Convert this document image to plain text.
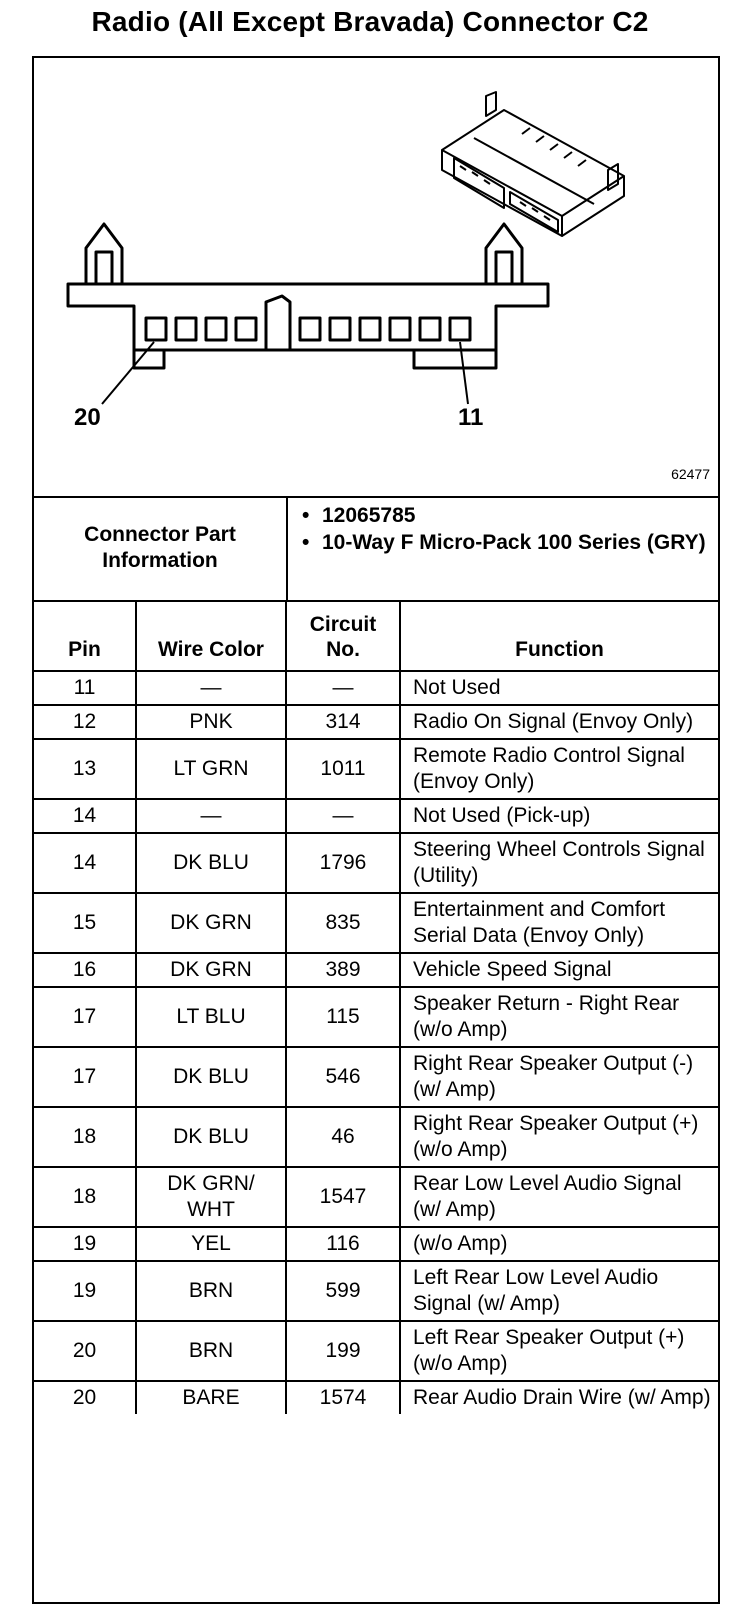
Radio (All Except Bravada) Connector C2
20	11
62477
Connector Part Information
• 12065785
• 10-Way F Micro-Pack 100 Series (GRY)
Pin	Wire Color	Circuit No.	Function
11	—	—	Not Used
12	PNK	314	Radio On Signal (Envoy Only)
13	LT GRN	1011	Remote Radio Control Signal (Envoy Only)
14	—	—	Not Used (Pick-up)
14	DK BLU	1796	Steering Wheel Controls Signal (Utility)
15	DK GRN	835	Entertainment and Comfort Serial Data (Envoy Only)
16	DK GRN	389	Vehicle Speed Signal
17	LT BLU	115	Speaker Return - Right Rear (w/o Amp)
17	DK BLU	546	Right Rear Speaker Output (-) (w/ Amp)
18	DK BLU	46	Right Rear Speaker Output (+) (w/o Amp)
18	DK GRN/ WHT	1547	Rear Low Level Audio Signal (w/ Amp)
19	YEL	116	(w/o Amp)
19	BRN	599	Left Rear Low Level Audio Signal (w/ Amp)
20	BRN	199	Left Rear Speaker Output (+) (w/o Amp)
20	BARE	1574	Rear Audio Drain Wire (w/ Amp)
